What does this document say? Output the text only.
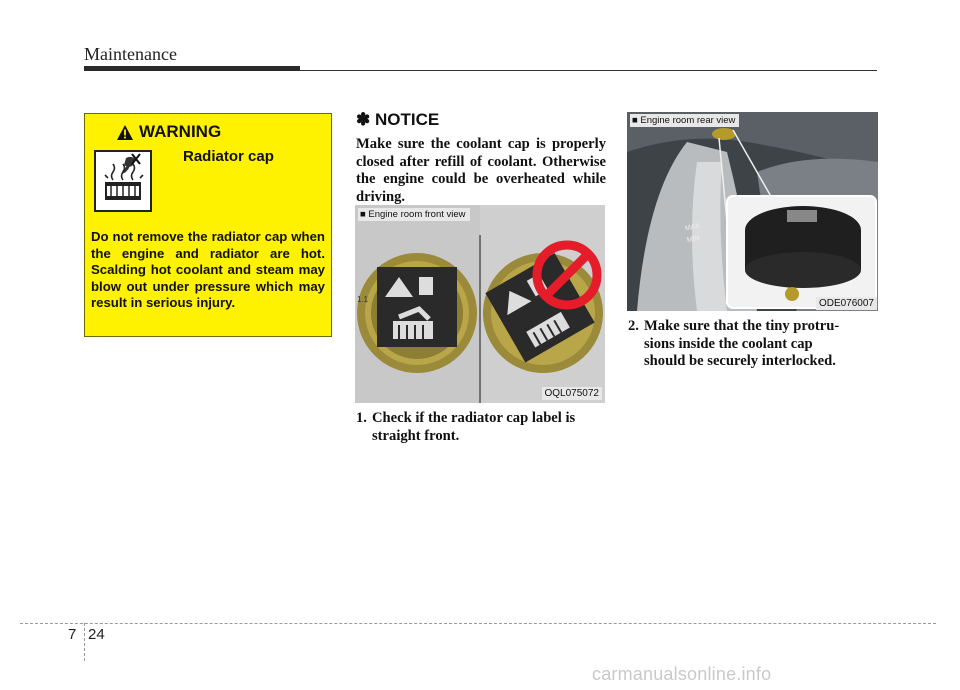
Maintenance
WARNING
Radiator cap
Do not remove the radiator cap when the engine and radiator are hot. Scalding hot coolant and steam may blow out under pressure which may result in serious injury.
✽ NOTICE
Make sure the coolant cap is properly closed after refill of coolant. Otherwise the engine could be overheated while driving.
■ Engine room front view
OQL075072
1.1
■ Engine room rear view
MAX
MIN
ODE076007
1. Check if the radiator cap label is
straight front.
2. Make sure that the tiny protru-
sions inside the coolant cap
should be securely interlocked.
7 24
carmanualsonline.info
